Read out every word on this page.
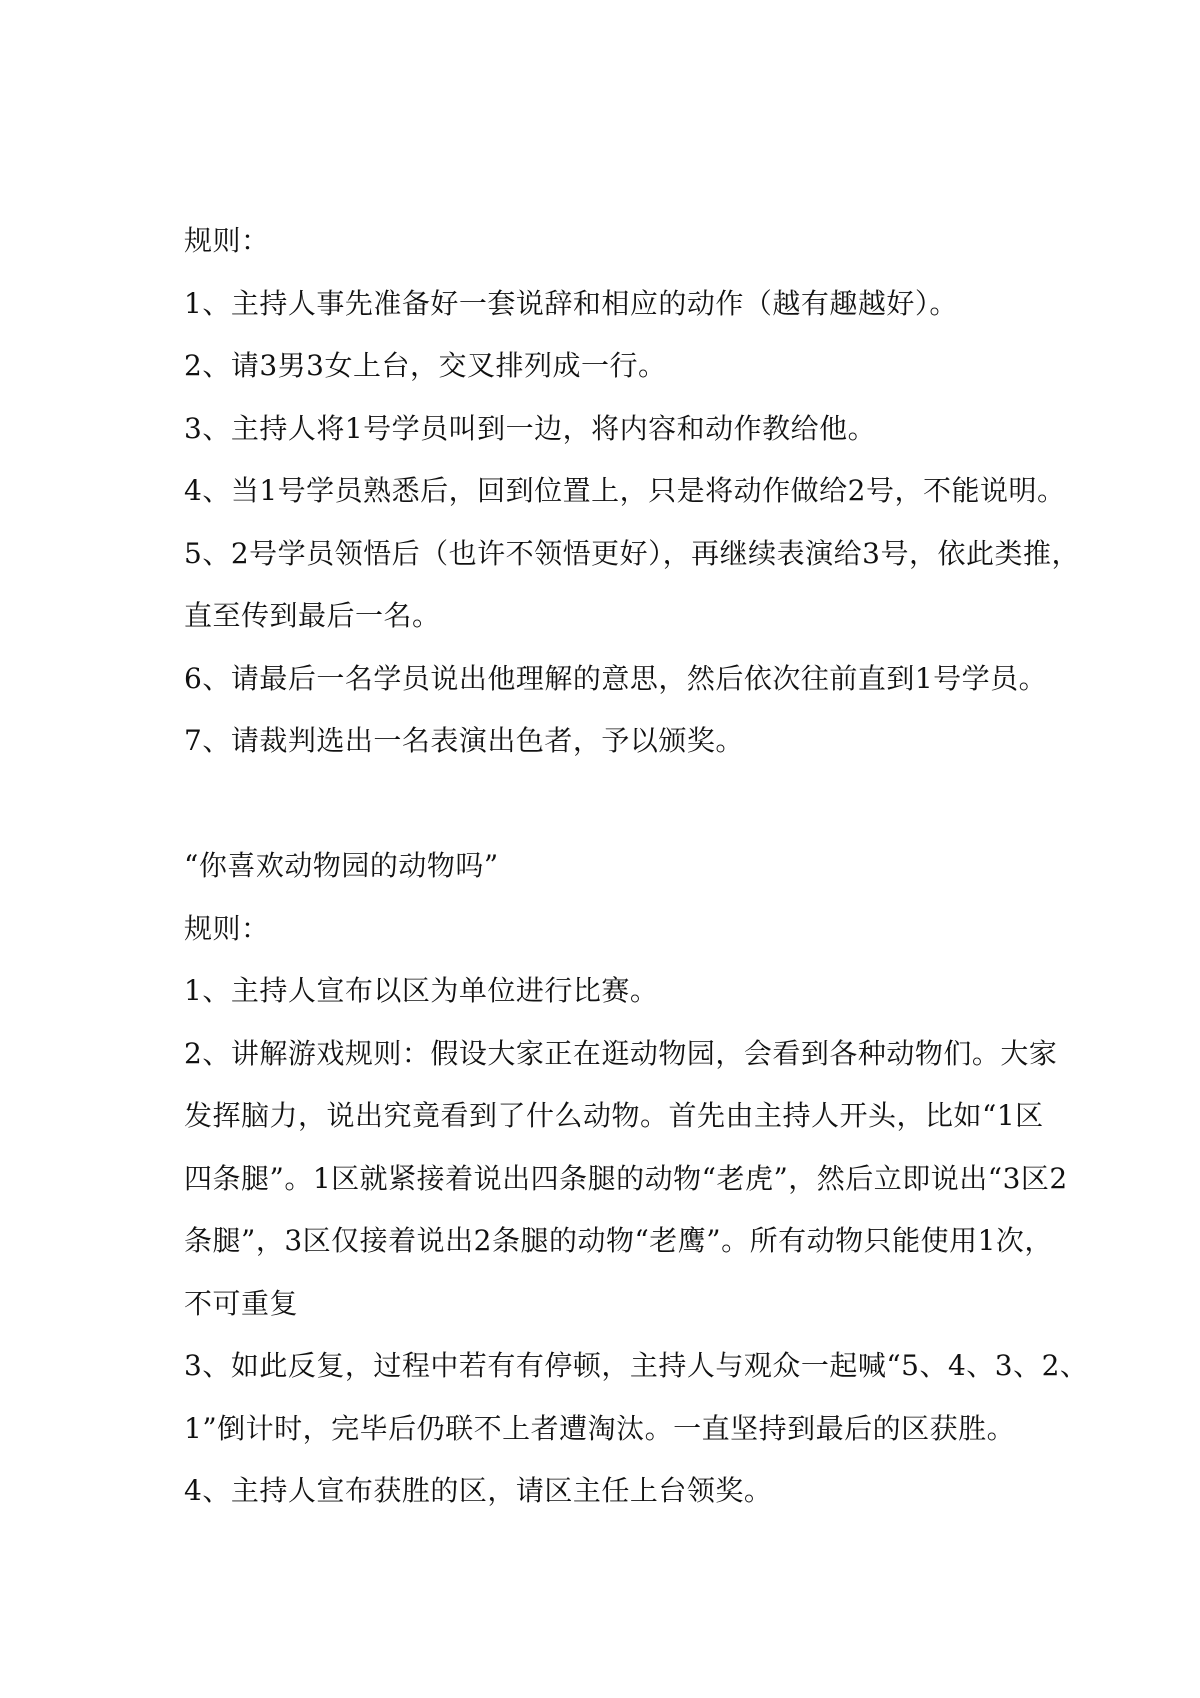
规则：

1、主持人事先准备好一套说辞和相应的动作（越有趣越好）。

2、请3男3女上台，交叉排列成一行。

3、主持人将1号学员叫到一边，将内容和动作教给他。

4、当1号学员熟悉后，回到位置上，只是将动作做给2号，不能说明。

5、2号学员领悟后（也许不领悟更好），再继续表演给3号，依此类推，

直至传到最后一名。

6、请最后一名学员说出他理解的意思，然后依次往前直到1号学员。

7、请裁判选出一名表演出色者，予以颁奖。

“你喜欢动物园的动物吗”

规则：

1、主持人宣布以区为单位进行比赛。

2、讲解游戏规则：假设大家正在逛动物园，会看到各种动物们。大家

发挥脑力，说出究竟看到了什么动物。首先由主持人开头，比如“1区

四条腿”。1区就紧接着说出四条腿的动物“老虎”，然后立即说出“3区2

条腿”，3区仅接着说出2条腿的动物“老鹰”。所有动物只能使用1次，

不可重复

3、如此反复，过程中若有有停顿，主持人与观众一起喊“5、4、3、2、

1”倒计时，完毕后仍联不上者遭淘汰。一直坚持到最后的区获胜。

4、主持人宣布获胜的区，请区主任上台领奖。
